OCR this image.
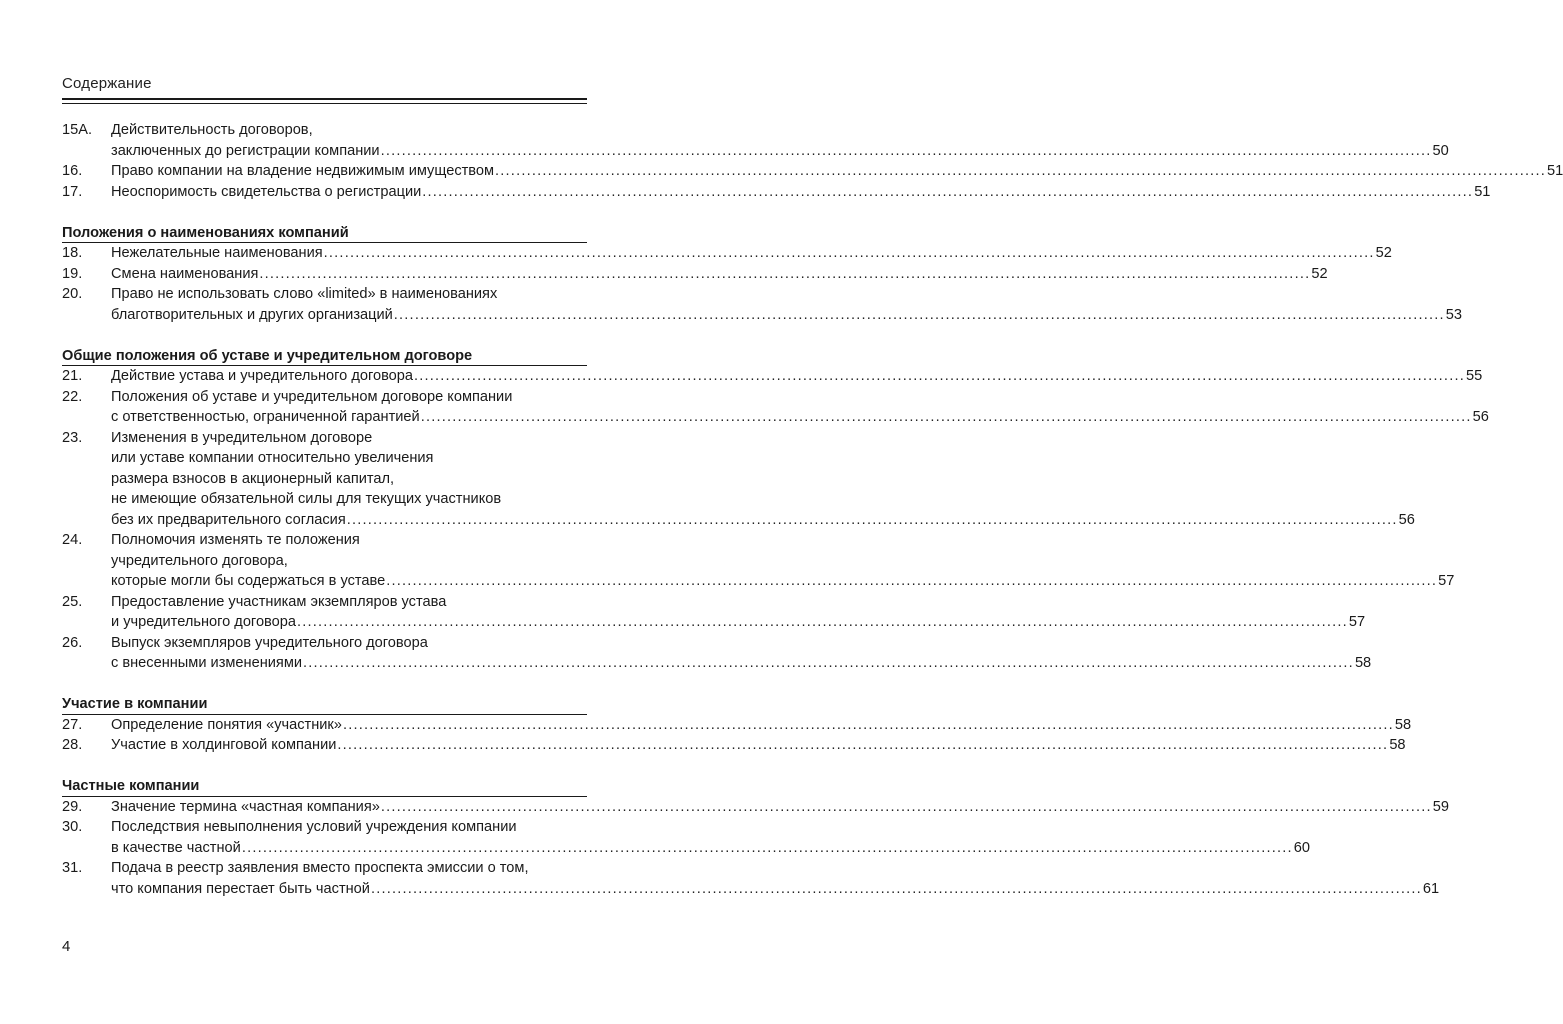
Содержание
15А.	Действительность договоров,
заключенных до регистрации компании ........................................................................................................................................................................................................ 50
16.	Право компании на владение недвижимым имуществом ........................................................................................................................................................................................................ 51
17.	Неоспоримость свидетельства о регистрации ........................................................................................................................................................................................................ 51
Положения о наименованиях компаний
18.	Нежелательные наименования ........................................................................................................................................................................................................ 52
19.	Смена наименования ........................................................................................................................................................................................................ 52
20.	Право не использовать слово «limited» в наименованиях
благотворительных и других организаций ........................................................................................................................................................................................................ 53
Общие положения об уставе и учредительном договоре
21.	Действие устава и учредительного договора ........................................................................................................................................................................................................ 55
22.	Положения об уставе и учредительном договоре компании
с ответственностью, ограниченной гарантией ........................................................................................................................................................................................................ 56
23.	Изменения в учредительном договоре
или уставе компании относительно увеличения
размера взносов в акционерный капитал,
не имеющие обязательной силы для текущих участников
без их предварительного согласия ........................................................................................................................................................................................................ 56
24.	Полномочия изменять те положения
учредительного договора,
которые могли бы содержаться в уставе ........................................................................................................................................................................................................ 57
25.	Предоставление участникам экземпляров устава
и учредительного договора ........................................................................................................................................................................................................ 57
26.	Выпуск экземпляров учредительного договора
с внесенными изменениями ........................................................................................................................................................................................................ 58
Участие в компании
27.	Определение понятия «участник» ........................................................................................................................................................................................................ 58
28.	Участие в холдинговой компании ........................................................................................................................................................................................................ 58
Частные компании
29.	Значение термина «частная компания» ........................................................................................................................................................................................................ 59
30.	Последствия невыполнения условий учреждения компании
в качестве частной ........................................................................................................................................................................................................ 60
31.	Подача в реестр заявления вместо проспекта эмиссии о том,
что компания перестает быть частной ........................................................................................................................................................................................................ 61
4
